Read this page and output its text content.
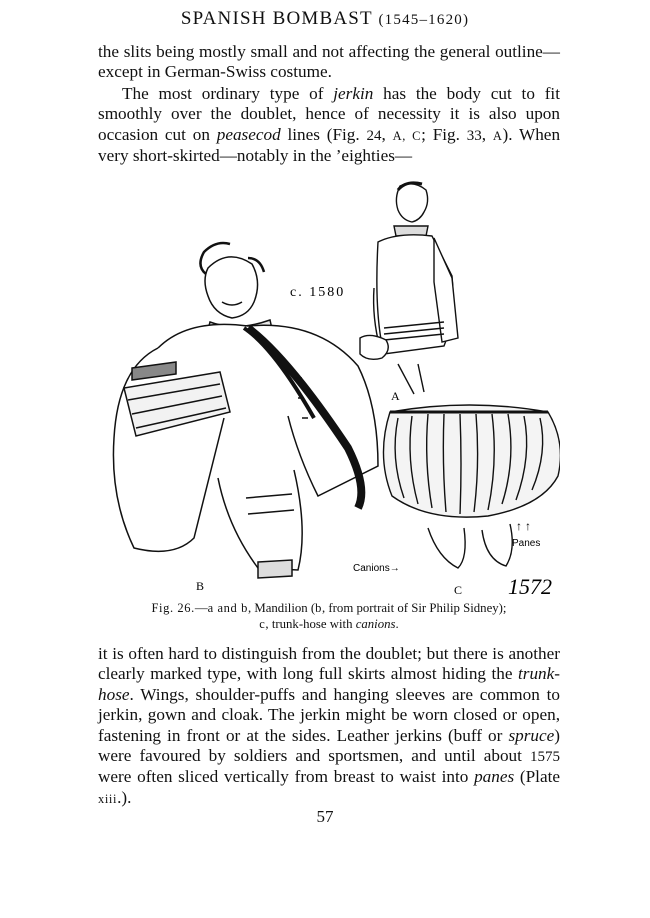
SPANISH BOMBAST (1545–1620)
the slits being mostly small and not affecting the general outline—except in German-Swiss costume.
The most ordinary type of jerkin has the body cut to fit smoothly over the doublet, hence of necessity it is also upon occasion cut on peasecod lines (Fig. 24, A, C; Fig. 33, A). When very short-skirted—notably in the ’eighties—
A
c. 1580
B
Canions→
↑ ↑
Panes
C 1572
Fig. 26.—a and b, Mandilion (b, from portrait of Sir Philip Sidney);
c, trunk-hose with canions.
it is often hard to distinguish from the doublet; but there is another clearly marked type, with long full skirts almost hiding the trunk-hose. Wings, shoulder-puffs and hanging sleeves are common to jerkin, gown and cloak. The jerkin might be worn closed or open, fastening in front or at the sides. Leather jerkins (buff or spruce) were favoured by soldiers and sportsmen, and until about 1575 were often sliced vertically from breast to waist into panes (Plate xiii.).
57
